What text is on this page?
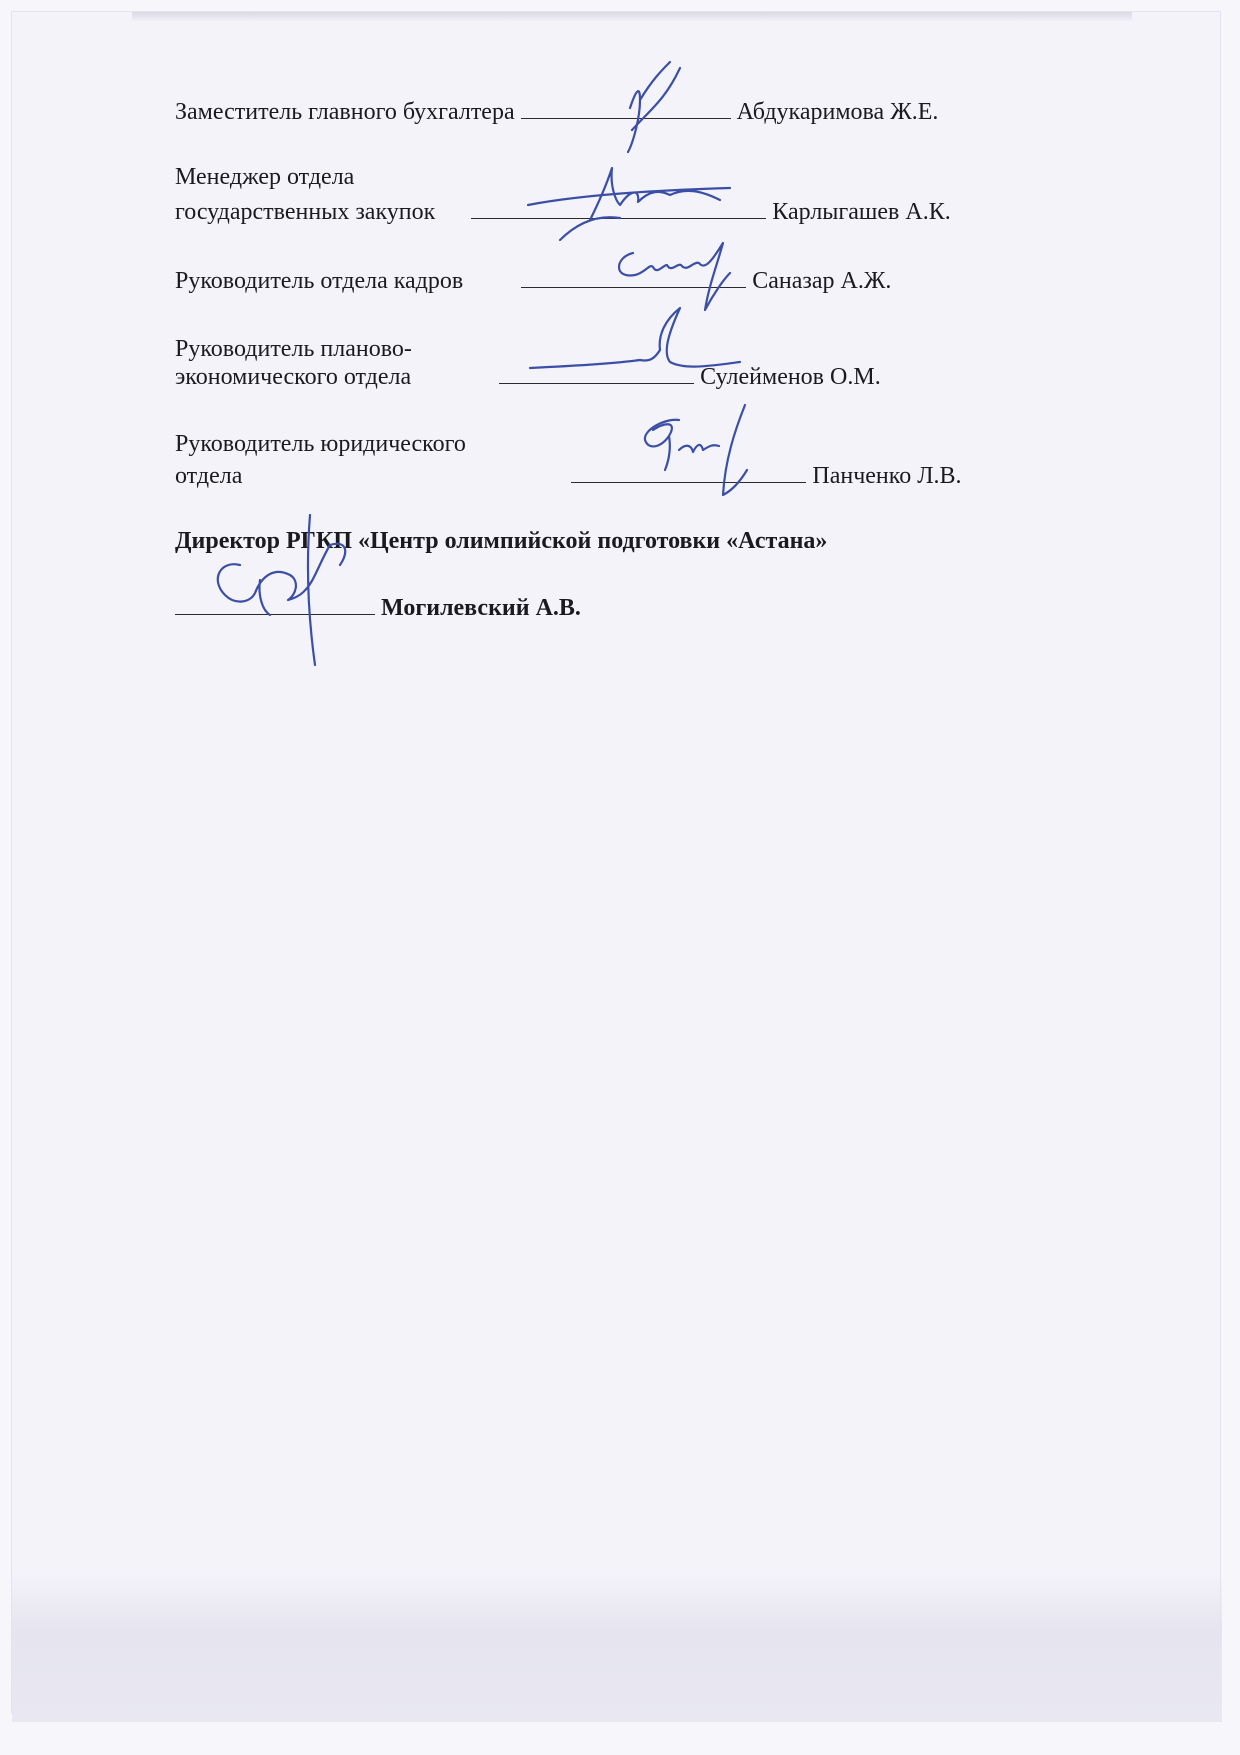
Заместитель главного бухгалтера	Абдукаримова Ж.Е.
Менеджер отдела
государственных закупок	Карлыгашев А.К.
Руководитель отдела кадров	Саназар А.Ж.
Руководитель планово-
экономического отдела	Сулейменов О.М.
Руководитель юридического
отдела	Панченко Л.В.
Директор РГКП «Центр олимпийской подготовки «Астана»
Могилевский А.В.
